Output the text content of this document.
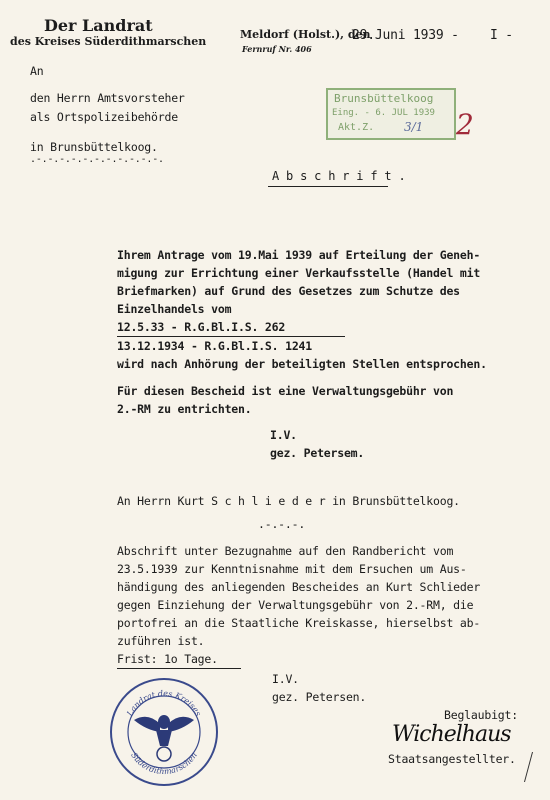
Der Landrat
des Kreises Süderdithmarschen
Meldorf (Holst.), den
Fernruf Nr. 406
29.Juni 1939 - I -
An
den Herrn Amtsvorsteher
als Ortspolizeibehörde
in Brunsbüttelkoog.
.-.-.-.-.-.-.-.-.-.-.-.
Brunsbüttelkoog
Eing. - 6. JUL 1939
Akt.Z. 3/1 2
A b s c h r i f t .
Ihrem Antrage vom 19.Mai 1939 auf Erteilung der Geneh-
migung zur Errichtung einer Verkaufsstelle (Handel mit
Briefmarken) auf Grund des Gesetzes zum Schutze des
Einzelhandels vom
12.5.33 - R.G.Bl.I.S. 262
13.12.1934 - R.G.Bl.I.S. 1241
wird nach Anhörung der beteiligten Stellen entsprochen.
Für diesen Bescheid ist eine Verwaltungsgebühr von
2.-RM zu entrichten.
I.V.
gez. Petersem.
An Herrn Kurt S c h l i e d e r in Brunsbüttelkoog.
.-.-.-.
Abschrift unter Bezugnahme auf den Randbericht vom
23.5.1939 zur Kenntnisnahme mit dem Ersuchen um Aus-
händigung des anliegenden Bescheides an Kurt Schlieder
gegen Einziehung der Verwaltungsgebühr von 2.-RM, die
portofrei an die Staatliche Kreiskasse, hierselbst ab-
zuführen ist.
Frist: 1o Tage.
I.V.
gez. Petersen.
Beglaubigt:
Wichelhaus
Staatsangestellter.
Landrat des Kreises
Süderdithmarschen
